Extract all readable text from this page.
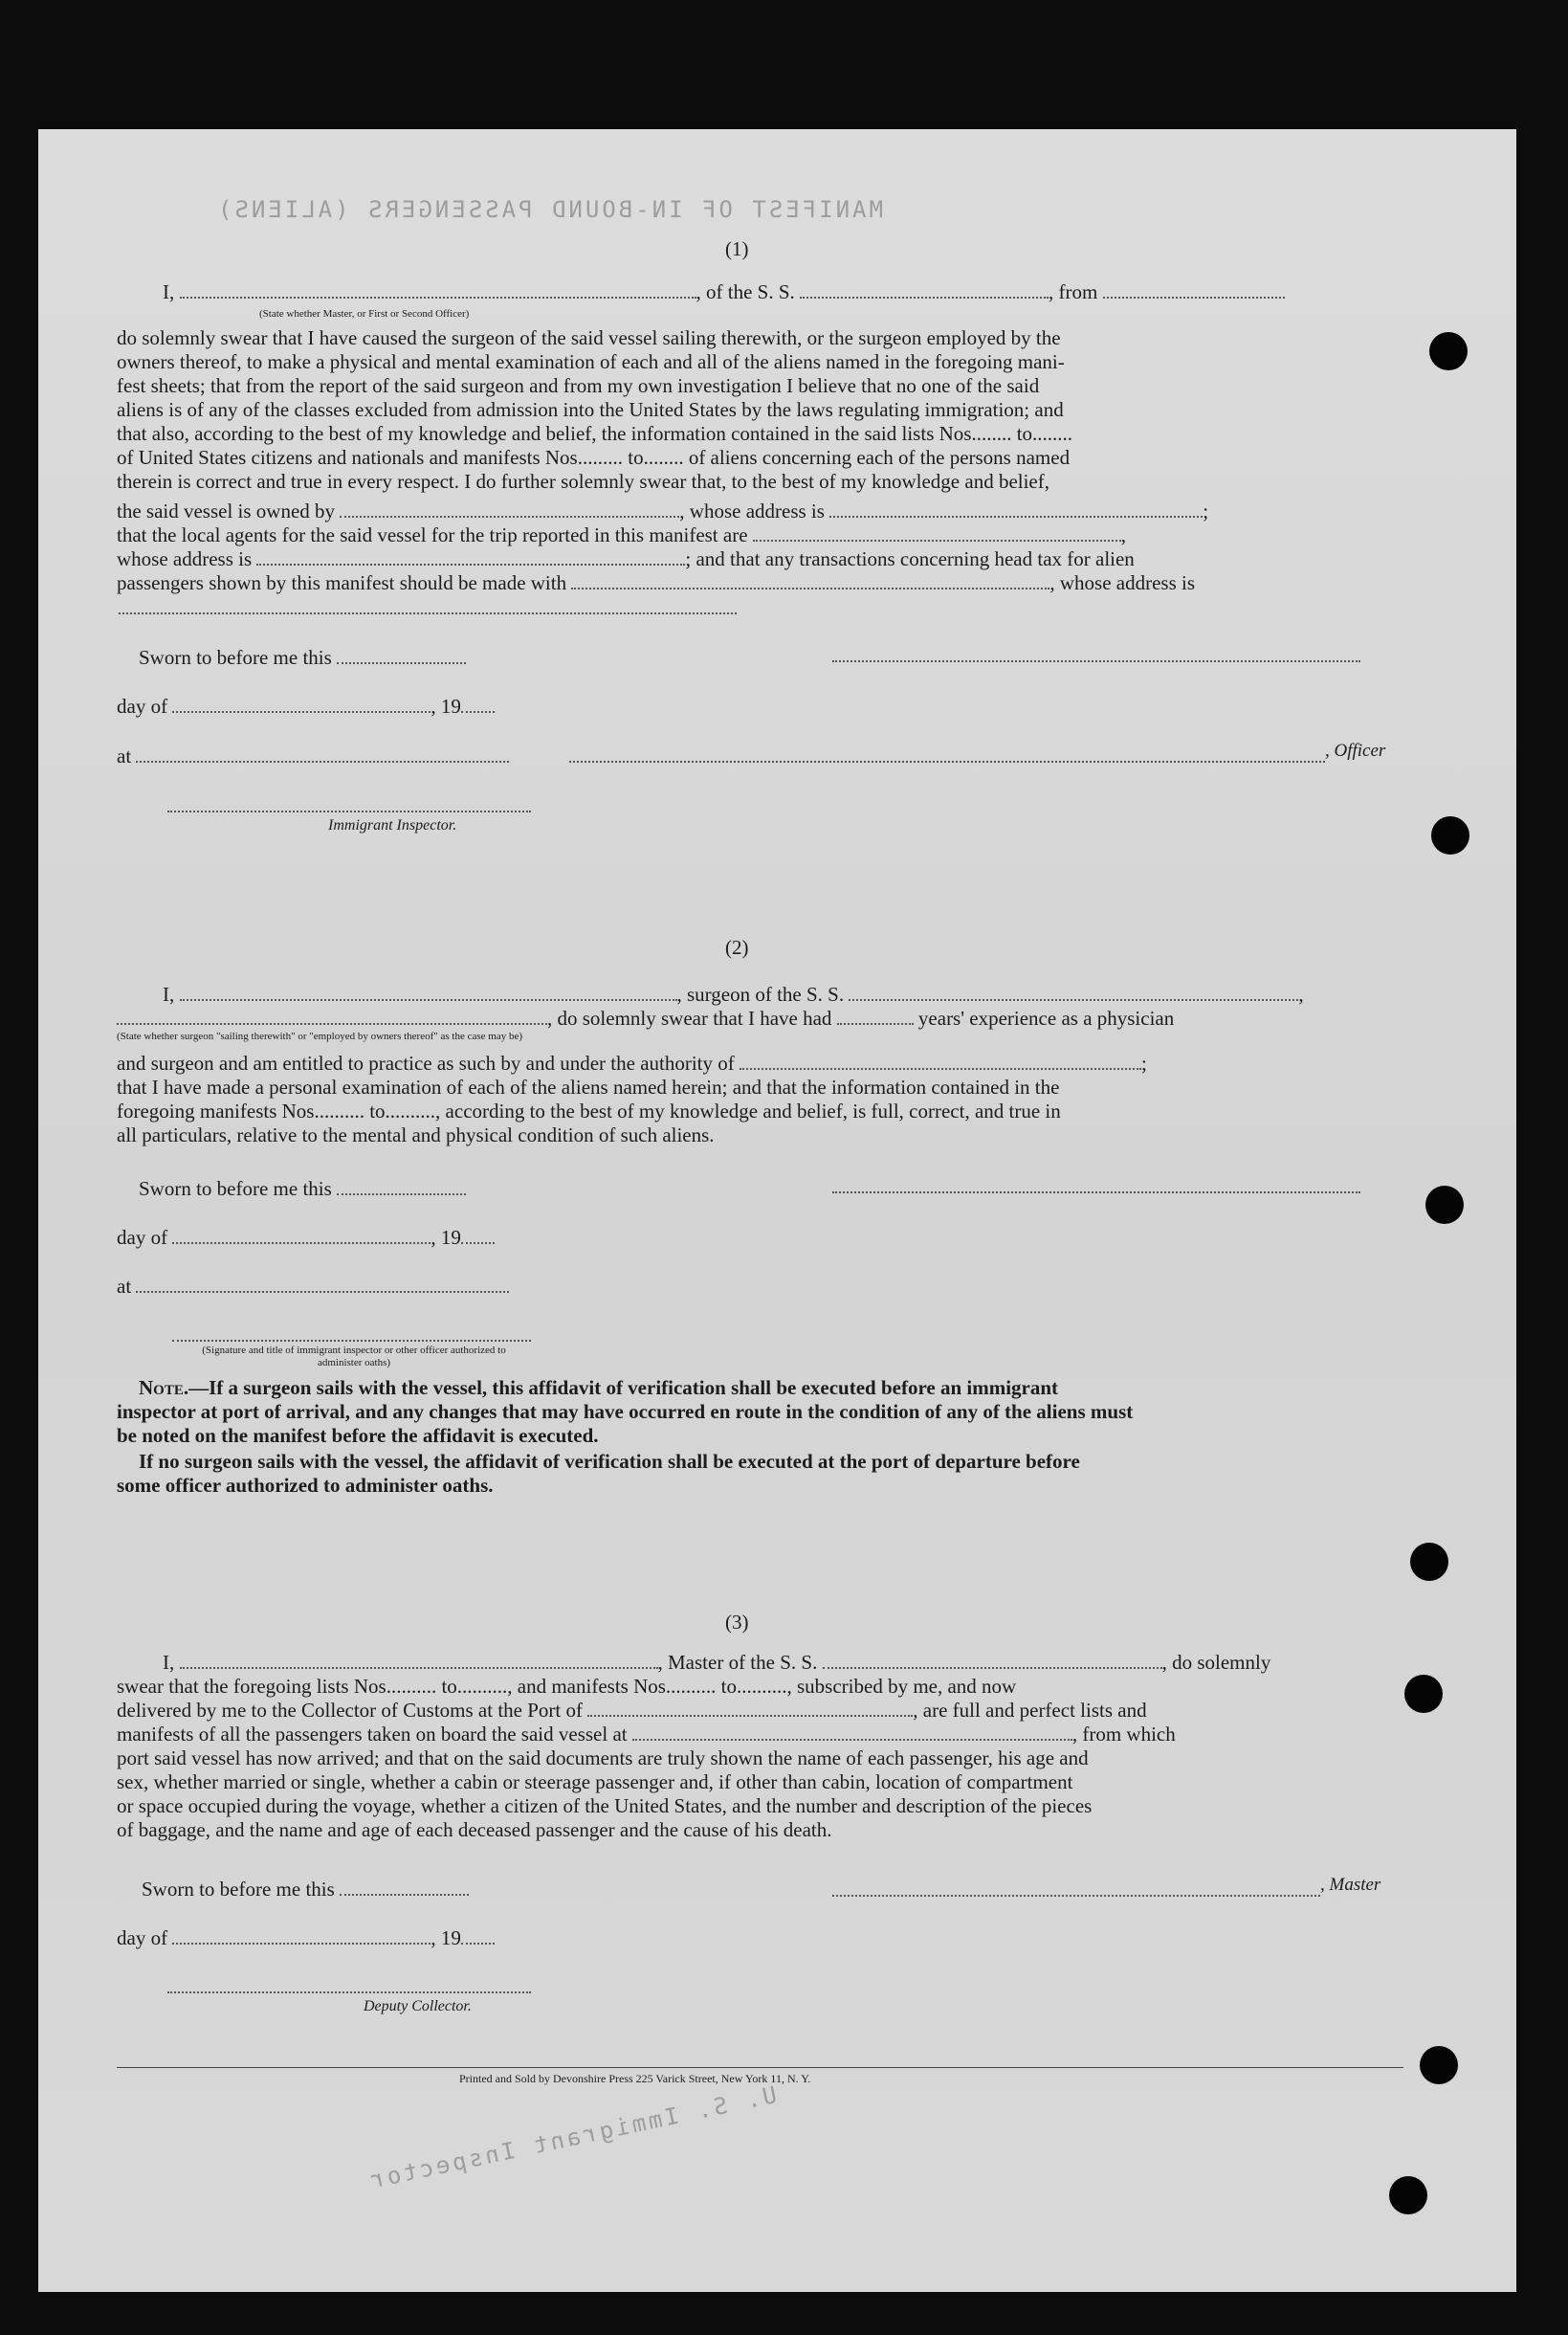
MANIFEST OF IN-BOUND PASSENGERS (ALIENS)
U. S. Immigrant Inspector
(1)
I,	, of the S. S.	, from
(State whether Master, or First or Second Officer)
do solemnly swear that I have caused the surgeon of the said vessel sailing therewith, or the surgeon employed by the
owners thereof, to make a physical and mental examination of each and all of the aliens named in the foregoing mani-
fest sheets; that from the report of the said surgeon and from my own investigation I believe that no one of the said
aliens is of any of the classes excluded from admission into the United States by the laws regulating immigration; and
that also, according to the best of my knowledge and belief, the information contained in the said lists Nos........ to........
of United States citizens and nationals and manifests Nos......... to........ of aliens concerning each of the persons named
therein is correct and true in every respect. I do further solemnly swear that, to the best of my knowledge and belief,
the said vessel is owned by	, whose address is	;
that the local agents for the said vessel for the trip reported in this manifest are	,
whose address is	; and that any transactions concerning head tax for alien
passengers shown by this manifest should be made with	, whose address is
Sworn to before me this
day of	, 19
at	, Officer
Immigrant Inspector.
(2)
I,	, surgeon of the S. S.	,
, do solemnly swear that I have had	years' experience as a physician
(State whether surgeon "sailing therewith" or "employed by owners thereof" as the case may be)
and surgeon and am entitled to practice as such by and under the authority of	;
that I have made a personal examination of each of the aliens named herein; and that the information contained in the
foregoing manifests Nos.......... to.........., according to the best of my knowledge and belief, is full, correct, and true in
all particulars, relative to the mental and physical condition of such aliens.
Sworn to before me this
day of	, 19
at
(Signature and title of immigrant inspector or other officer authorized to administer oaths)
Note.—If a surgeon sails with the vessel, this affidavit of verification shall be executed before an immigrant
inspector at port of arrival, and any changes that may have occurred en route in the condition of any of the aliens must
be noted on the manifest before the affidavit is executed.
If no surgeon sails with the vessel, the affidavit of verification shall be executed at the port of departure before
some officer authorized to administer oaths.
(3)
I,	, Master of the S. S.	, do solemnly
swear that the foregoing lists Nos.......... to.........., and manifests Nos.......... to.........., subscribed by me, and now
delivered by me to the Collector of Customs at the Port of	, are full and perfect lists and
manifests of all the passengers taken on board the said vessel at	, from which
port said vessel has now arrived; and that on the said documents are truly shown the name of each passenger, his age and
sex, whether married or single, whether a cabin or steerage passenger and, if other than cabin, location of compartment
or space occupied during the voyage, whether a citizen of the United States, and the number and description of the pieces
of baggage, and the name and age of each deceased passenger and the cause of his death.
Sworn to before me this	, Master
day of	, 19
Deputy Collector.
Printed and Sold by Devonshire Press 225 Varick Street, New York 11, N. Y.
